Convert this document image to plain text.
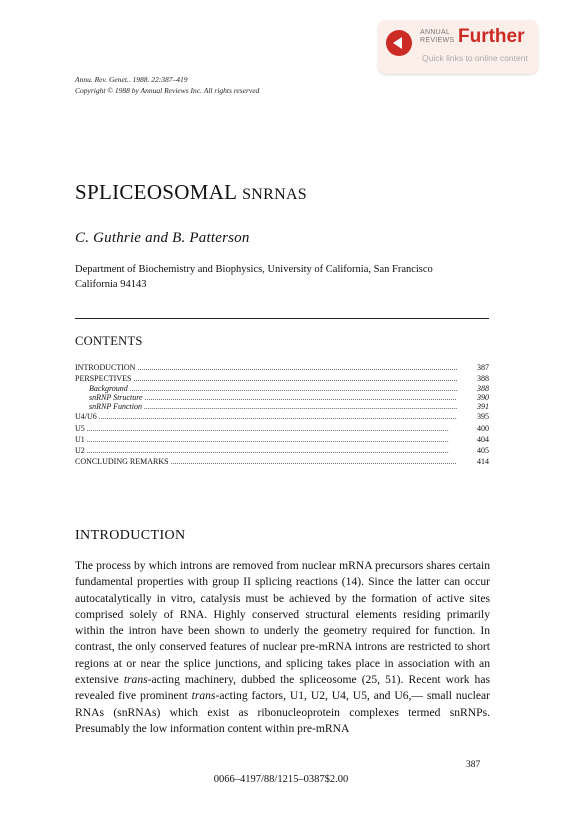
ANNUAL
REVIEWS Further
Quick links to online content
Annu. Rev. Genet.. 1988. 22:387–419
Copyright © 1988 by Annual Reviews Inc. All rights reserved
SPLICEOSOMAL SNRNAS
C. Guthrie and B. Patterson
Department of Biochemistry and Biophysics, University of California, San Francisco
California 94143
CONTENTS
INTRODUCTION .....	387
PERSPECTIVES .....	388
Background .....	388
snRNP Structure .....	390
snRNP Function .....	391
U4/U6 .....	395
U5 .....	400
U1 .....	404
U2 .....	405
CONCLUDING REMARKS .....	414
INTRODUCTION

The process by which introns are removed from nuclear mRNA precursors shares certain fundamental properties with group II splicing reactions (14). Since the latter can occur autocatalytically in vitro, catalysis must be achieved by the formation of active sites comprised solely of RNA. Highly conserved structural elements residing primarily within the intron have been shown to underly the geometry required for function. In contrast, the only conserved features of nuclear pre-mRNA introns are restricted to short regions at or near the splice junctions, and splicing takes place in association with an extensive trans-acting machinery, dubbed the spliceosome (25, 51). Recent work has revealed five prominent trans-acting factors, U1, U2, U4, U5, and U6,— small nuclear RNAs (snRNAs) which exist as ribonucleoprotein complexes termed snRNPs. Presumably the low information content within pre-mRNA

387
0066–4197/88/1215–0387$2.00
